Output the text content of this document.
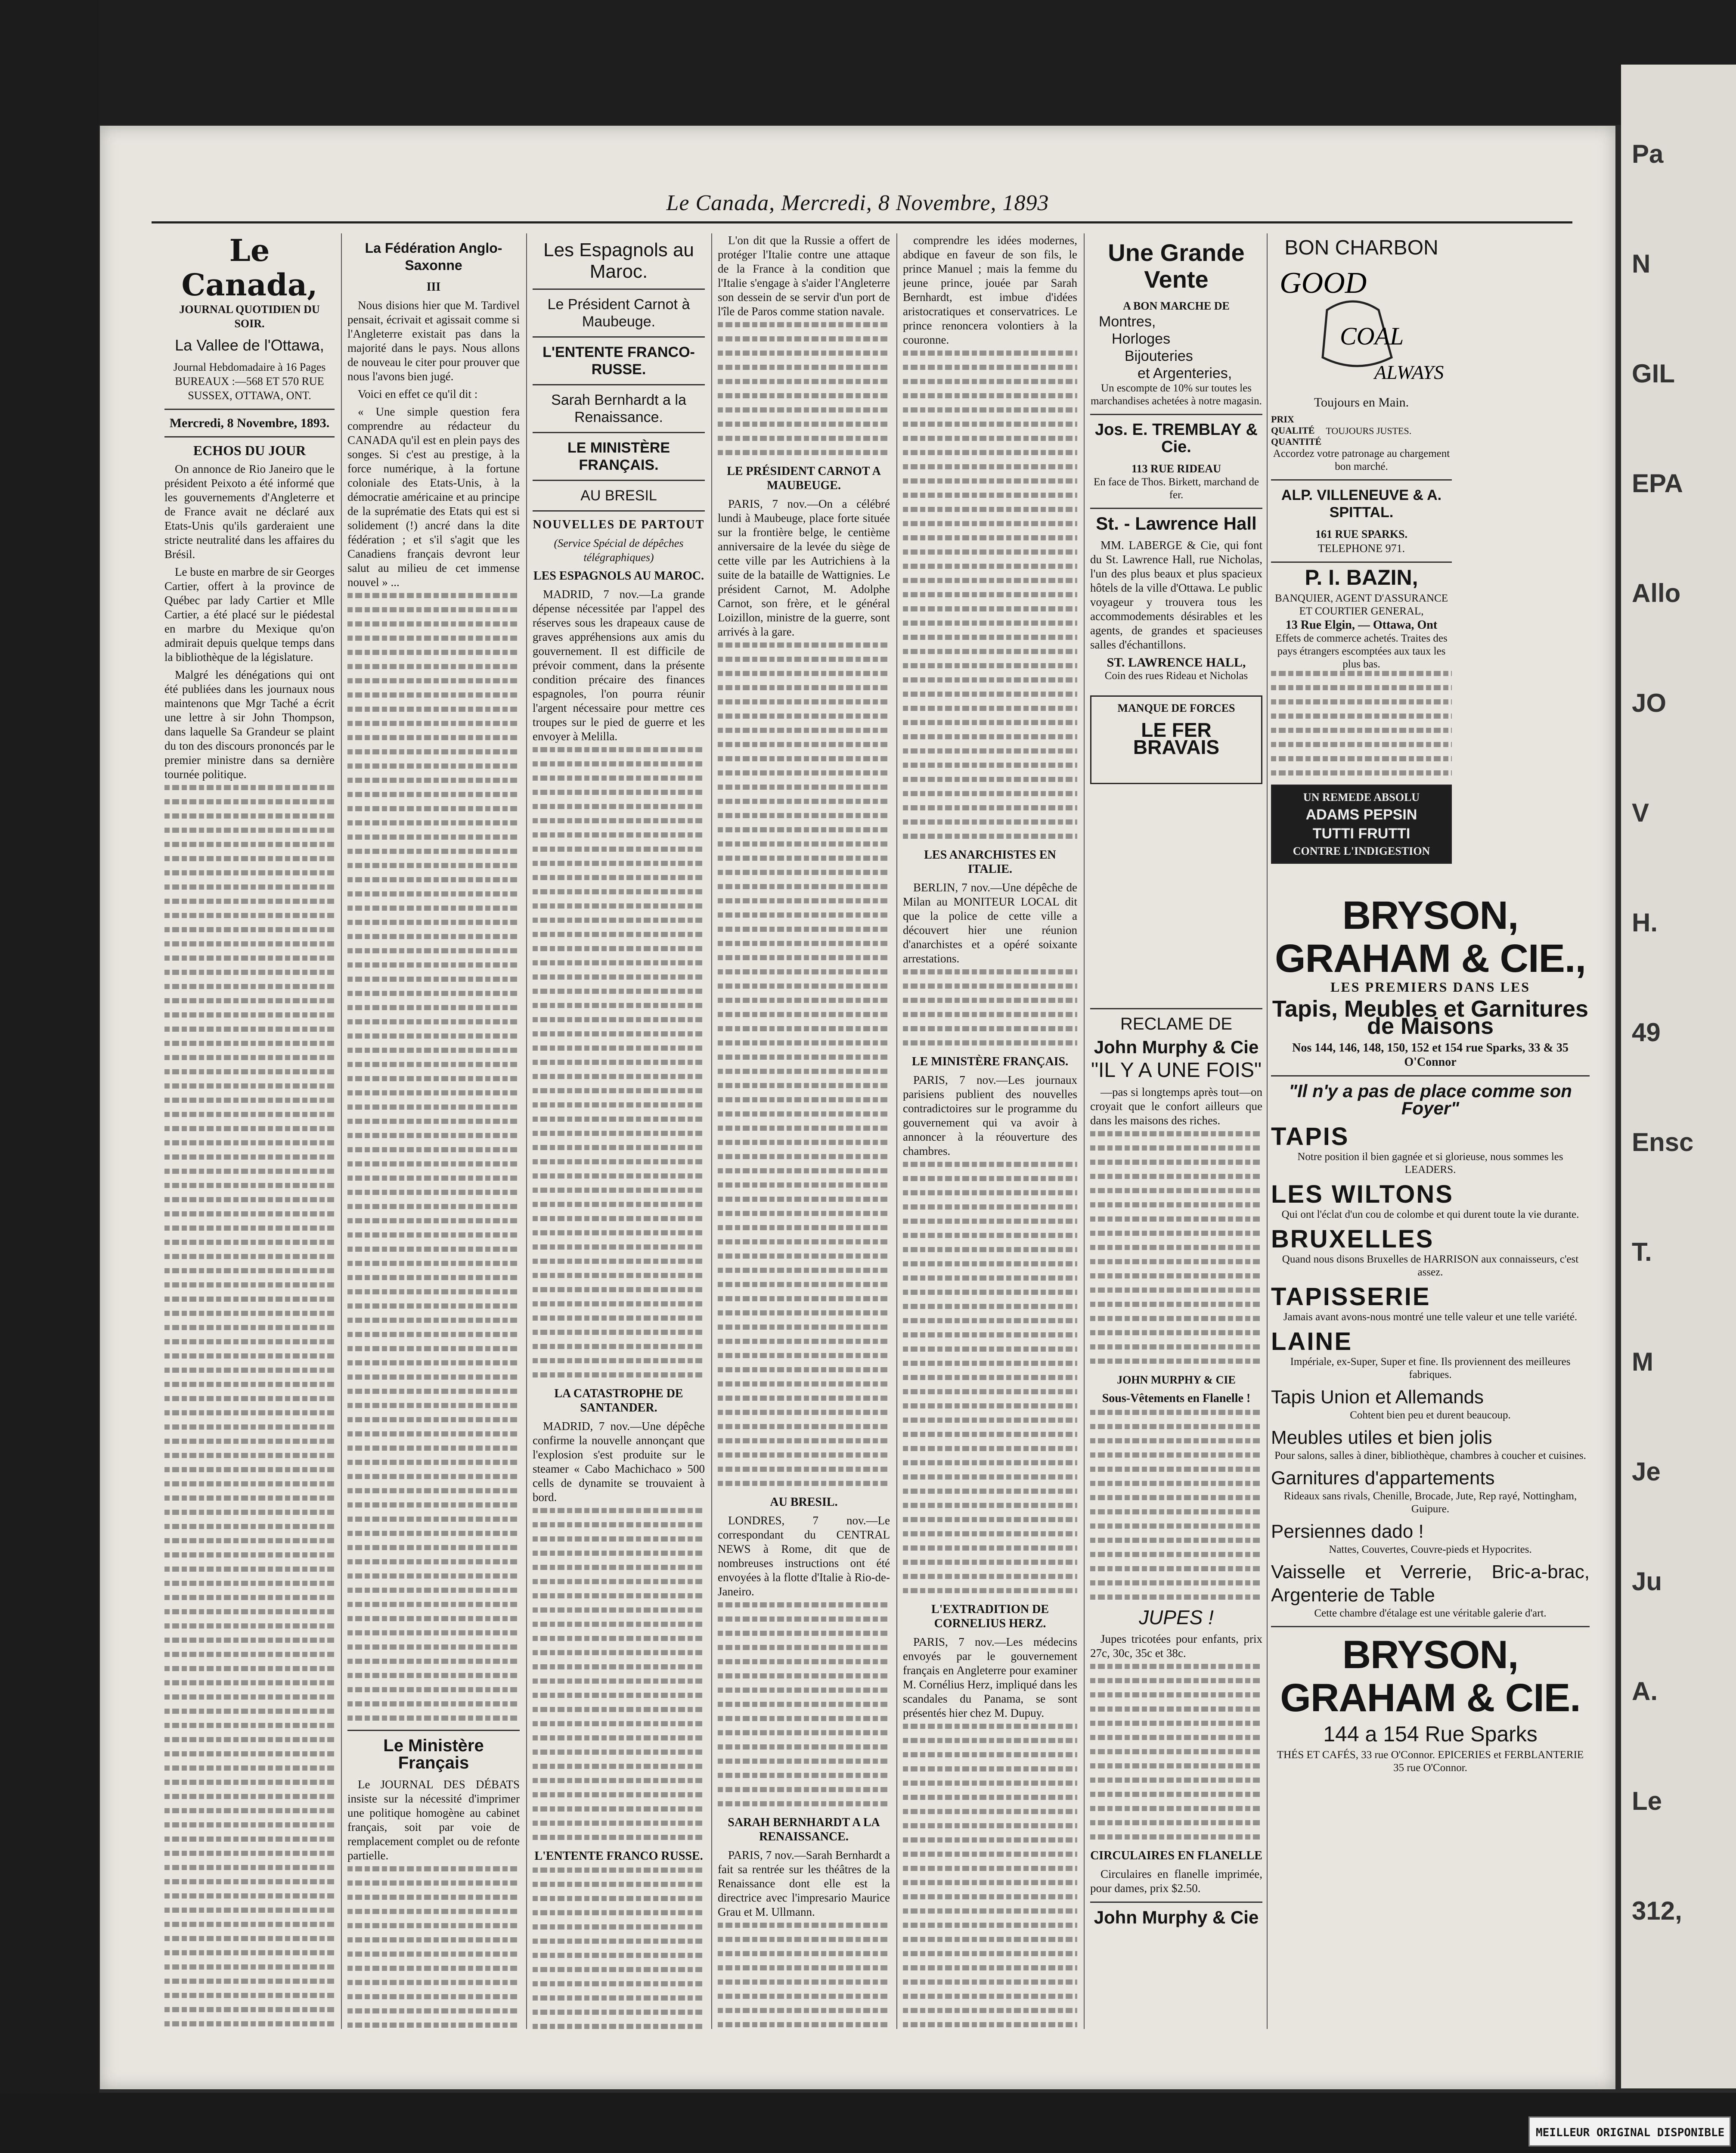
Le Canada, Mercredi, 8 Novembre, 1893
Le Canada,
JOURNAL QUOTIDIEN DU SOIR.
La Vallee de l'Ottawa,
Journal Hebdomadaire à 16 Pages
BUREAUX :—568 ET 570 RUE SUSSEX, OTTAWA, ONT.
Mercredi, 8 Novembre, 1893.
ECHOS DU JOUR

On annonce de Rio Janeiro que le président Peixoto a été informé que les gouvernements d'Angleterre et de France avait ne déclaré aux Etats-Unis qu'ils garderaient une stricte neutralité dans les affaires du Brésil.

Le buste en marbre de sir Georges Cartier, offert à la province de Québec par lady Cartier et Mlle Cartier, a été placé sur le piédestal en marbre du Mexique qu'on admirait depuis quelque temps dans la bibliothèque de la législature.

Malgré les dénégations qui ont été publiées dans les journaux nous maintenons que Mgr Taché a écrit une lettre à sir John Thompson, dans laquelle Sa Grandeur se plaint du ton des discours prononcés par le premier ministre dans sa dernière tournée politique.

La Fédération Anglo-Saxonne
III

Nous disions hier que M. Tardivel pensait, écrivait et agissait comme si l'Angleterre existait pas dans la majorité dans le pays. Nous allons de nouveau le citer pour prouver que nous l'avons bien jugé.

Voici en effet ce qu'il dit :

« Une simple question fera comprendre au rédacteur du CANADA qu'il est en plein pays des songes. Si c'est au prestige, à la force numérique, à la fortune coloniale des Etats-Unis, à la démocratie américaine et au principe de la suprématie des Etats qui est si solidement (!) ancré dans la dite fédération ; et s'il s'agit que les Canadiens français devront leur salut au milieu de cet immense nouvel » ...

Le Ministère Français

Le JOURNAL DES DÉBATS insiste sur la nécessité d'imprimer une politique homogène au cabinet français, soit par voie de remplacement complet ou de refonte partielle.

Les Espagnols au Maroc.
Le Président Carnot à Maubeuge.
L'ENTENTE FRANCO-RUSSE.
Sarah Bernhardt a la Renaissance.
LE MINISTÈRE FRANÇAIS.
AU BRESIL
NOUVELLES DE PARTOUT
(Service Spécial de dépêches télégraphiques)
LES ESPAGNOLS AU MAROC.

MADRID, 7 nov.—La grande dépense nécessitée par l'appel des réserves sous les drapeaux cause de graves appréhensions aux amis du gouvernement. Il est difficile de prévoir comment, dans la présente condition précaire des finances espagnoles, l'on pourra réunir l'argent nécessaire pour mettre ces troupes sur le pied de guerre et les envoyer à Melilla.

LA CATASTROPHE DE SANTANDER.

MADRID, 7 nov.—Une dépêche confirme la nouvelle annonçant que l'explosion s'est produite sur le steamer « Cabo Machichaco » 500 cells de dynamite se trouvaient à bord.

L'ENTENTE FRANCO RUSSE.

L'on dit que la Russie a offert de protéger l'Italie contre une attaque de la France à la condition que l'Italie s'engage à s'aider l'Angleterre son dessein de se servir d'un port de l'île de Paros comme station navale.

LE PRÉSIDENT CARNOT A MAUBEUGE.

PARIS, 7 nov.—On a célébré lundi à Maubeuge, place forte située sur la frontière belge, le centième anniversaire de la levée du siège de cette ville par les Autrichiens à la suite de la bataille de Wattignies. Le président Carnot, M. Adolphe Carnot, son frère, et le général Loizillon, ministre de la guerre, sont arrivés à la gare.

AU BRESIL.

LONDRES, 7 nov.—Le correspondant du CENTRAL NEWS à Rome, dit que de nombreuses instructions ont été envoyées à la flotte d'Italie à Rio-de-Janeiro.

SARAH BERNHARDT A LA RENAISSANCE.

PARIS, 7 nov.—Sarah Bernhardt a fait sa rentrée sur les théâtres de la Renaissance dont elle est la directrice avec l'impresario Maurice Grau et M. Ullmann.

comprendre les idées modernes, abdique en faveur de son fils, le prince Manuel ; mais la femme du jeune prince, jouée par Sarah Bernhardt, est imbue d'idées aristocratiques et conservatrices. Le prince renoncera volontiers à la couronne.

LES ANARCHISTES EN ITALIE.

BERLIN, 7 nov.—Une dépêche de Milan au MONITEUR LOCAL dit que la police de cette ville a découvert hier une réunion d'anarchistes et a opéré soixante arrestations.

LE MINISTÈRE FRANÇAIS.

PARIS, 7 nov.—Les journaux parisiens publient des nouvelles contradictoires sur le programme du gouvernement qui va avoir à annoncer à la réouverture des chambres.

L'EXTRADITION DE CORNELIUS HERZ.

PARIS, 7 nov.—Les médecins envoyés par le gouvernement français en Angleterre pour examiner M. Cornélius Herz, impliqué dans les scandales du Panama, se sont présentés hier chez M. Dupuy.

Une Grande Vente
A BON MARCHE DE
Montres,
Horloges
Bijouteries
et Argenteries,
Un escompte de 10% sur toutes les marchandises achetées à notre magasin.
Jos. E. TREMBLAY & Cie.
113 RUE RIDEAU
En face de Thos. Birkett, marchand de fer.
St. - Lawrence Hall

MM. LABERGE & Cie, qui font du St. Lawrence Hall, rue Nicholas, l'un des plus beaux et plus spacieux hôtels de la ville d'Ottawa. Le public voyageur y trouvera tous les accommodements désirables et les agents, de grandes et spacieuses salles d'échantillons.

ST. LAWRENCE HALL,
Coin des rues Rideau et Nicholas
MANQUE DE FORCES
LE FER BRAVAIS
RECLAME DE
John Murphy & Cie
"IL Y A UNE FOIS"

—pas si longtemps après tout—on croyait que le confort ailleurs que dans les maisons des riches.

JOHN MURPHY & CIE
Sous-Vêtements en Flanelle !
JUPES !

Jupes tricotées pour enfants, prix 27c, 30c, 35c et 38c.

CIRCULAIRES EN FLANELLE

Circulaires en flanelle imprimée, pour dames, prix $2.50.

John Murphy & Cie
BON CHARBON
GOOD
COAL
ALWAYS
Toujours en Main.
PRIX
QUALITÉ
QUANTITÉ
TOUJOURS JUSTES.
Accordez votre patronage au chargement bon marché.
ALP. VILLENEUVE & A. SPITTAL.
161 RUE SPARKS.
TELEPHONE 971.
P. I. BAZIN,
BANQUIER, AGENT D'ASSURANCE ET COURTIER GENERAL,
13 Rue Elgin, — Ottawa, Ont
Effets de commerce achetés. Traites des pays étrangers escomptées aux taux les plus bas.
UN REMEDE ABSOLU
ADAMS PEPSIN
TUTTI FRUTTI
CONTRE L'INDIGESTION
BRYSON, GRAHAM & CIE.,
LES PREMIERS DANS LES
Tapis, Meubles et Garnitures de Maisons
Nos 144, 146, 148, 150, 152 et 154 rue Sparks, 33 & 35 O'Connor
"Il n'y a pas de place comme son Foyer"
TAPIS
Notre position il bien gagnée et si glorieuse, nous sommes les LEADERS.
LES WILTONS
Qui ont l'éclat d'un cou de colombe et qui durent toute la vie durante.
BRUXELLES
Quand nous disons Bruxelles de HARRISON aux connaisseurs, c'est assez.
TAPISSERIE
Jamais avant avons-nous montré une telle valeur et une telle variété.
LAINE
Impériale, ex-Super, Super et fine. Ils proviennent des meilleures fabriques.
Tapis Union et Allemands
Cohtent bien peu et durent beaucoup.
Meubles utiles et bien jolis
Pour salons, salles à diner, bibliothèque, chambres à coucher et cuisines.
Garnitures d'appartements
Rideaux sans rivals, Chenille, Brocade, Jute, Rep rayé, Nottingham, Guipure.
Persiennes dado !
Nattes, Couvertes, Couvre-pieds et Hypocrites.
Vaisselle et Verrerie, Bric-a-brac, Argenterie de Table
Cette chambre d'étalage est une véritable galerie d'art.
BRYSON, GRAHAM & CIE.
144 a 154 Rue Sparks
THÉS ET CAFÉS, 33 rue O'Connor. EPICERIES et FERBLANTERIE 35 rue O'Connor.
Pa
N
GIL
EPA
Allo
JO
V
H.
49
Ensc
T.
M
Je
Ju
A.
Le
312,
MEILLEUR ORIGINAL DISPONIBLE
